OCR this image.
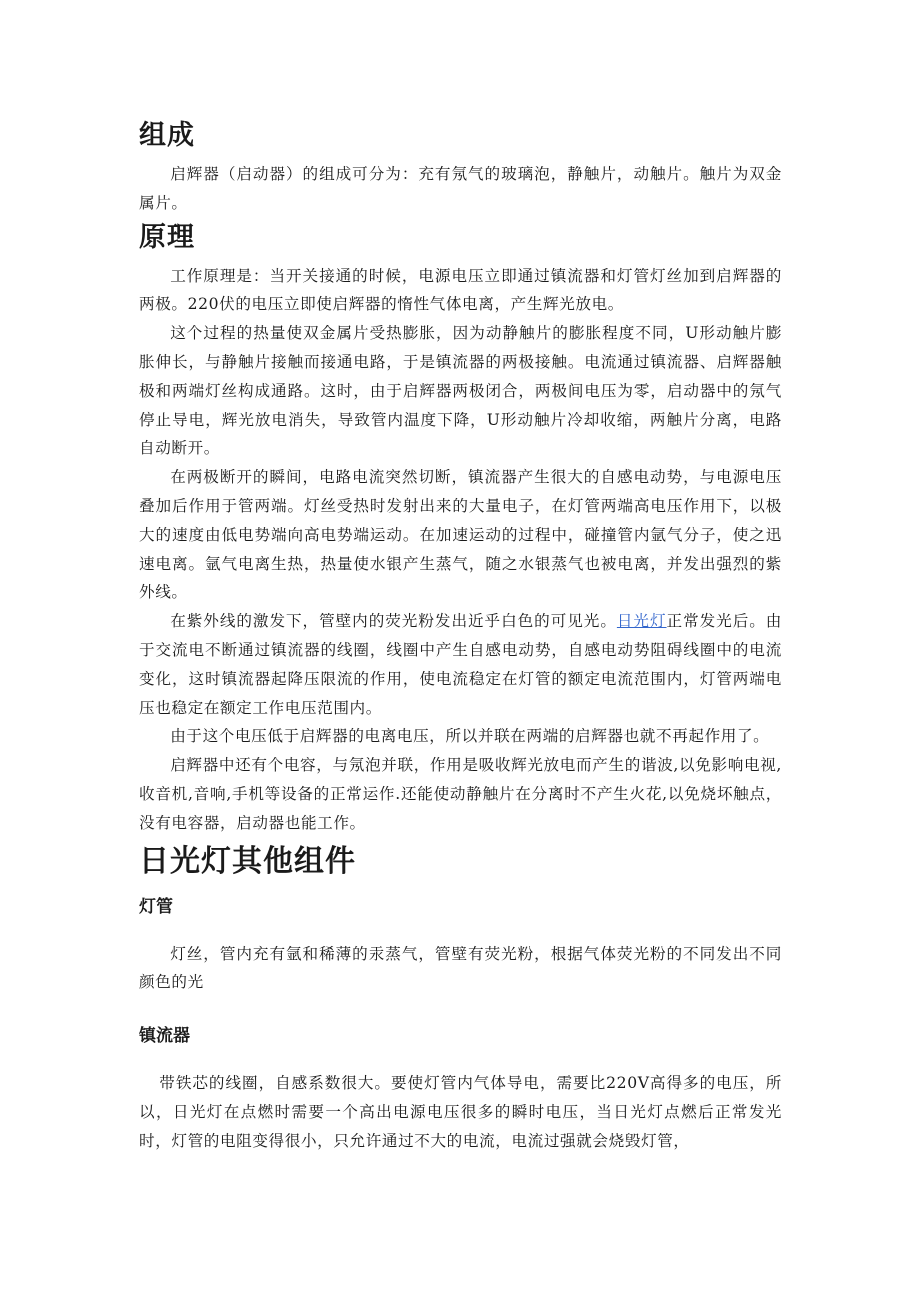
组成

启辉器（启动器）的组成可分为：充有氖气的玻璃泡，静触片，动触片。触片为双金属片。

原理

工作原理是：当开关接通的时候，电源电压立即通过镇流器和灯管灯丝加到启辉器的两极。220伏的电压立即使启辉器的惰性气体电离，产生辉光放电。

这个过程的热量使双金属片受热膨胀，因为动静触片的膨胀程度不同，U形动触片膨胀伸长，与静触片接触而接通电路，于是镇流器的两极接触。电流通过镇流器、启辉器触极和两端灯丝构成通路。这时，由于启辉器两极闭合，两极间电压为零，启动器中的氖气停止导电，辉光放电消失，导致管内温度下降，U形动触片冷却收缩，两触片分离，电路自动断开。

在两极断开的瞬间，电路电流突然切断，镇流器产生很大的自感电动势，与电源电压叠加后作用于管两端。灯丝受热时发射出来的大量电子，在灯管两端高电压作用下，以极大的速度由低电势端向高电势端运动。在加速运动的过程中，碰撞管内氩气分子，使之迅速电离。氩气电离生热，热量使水银产生蒸气，随之水银蒸气也被电离，并发出强烈的紫外线。

在紫外线的激发下，管壁内的荧光粉发出近乎白色的可见光。日光灯正常发光后。由于交流电不断通过镇流器的线圈，线圈中产生自感电动势，自感电动势阻碍线圈中的电流变化，这时镇流器起降压限流的作用，使电流稳定在灯管的额定电流范围内，灯管两端电压也稳定在额定工作电压范围内。

由于这个电压低于启辉器的电离电压，所以并联在两端的启辉器也就不再起作用了。

启辉器中还有个电容，与氖泡并联，作用是吸收辉光放电而产生的谐波,以免影响电视,收音机,音响,手机等设备的正常运作.还能使动静触片在分离时不产生火花,以免烧坏触点，没有电容器，启动器也能工作。

日光灯其他组件
灯管

灯丝，管内充有氩和稀薄的汞蒸气，管壁有荧光粉，根据气体荧光粉的不同发出不同颜色的光

镇流器

带铁芯的线圈，自感系数很大。要使灯管内气体导电，需要比220V高得多的电压，所以，日光灯在点燃时需要一个高出电源电压很多的瞬时电压，当日光灯点燃后正常发光时，灯管的电阻变得很小，只允许通过不大的电流，电流过强就会烧毁灯管，
